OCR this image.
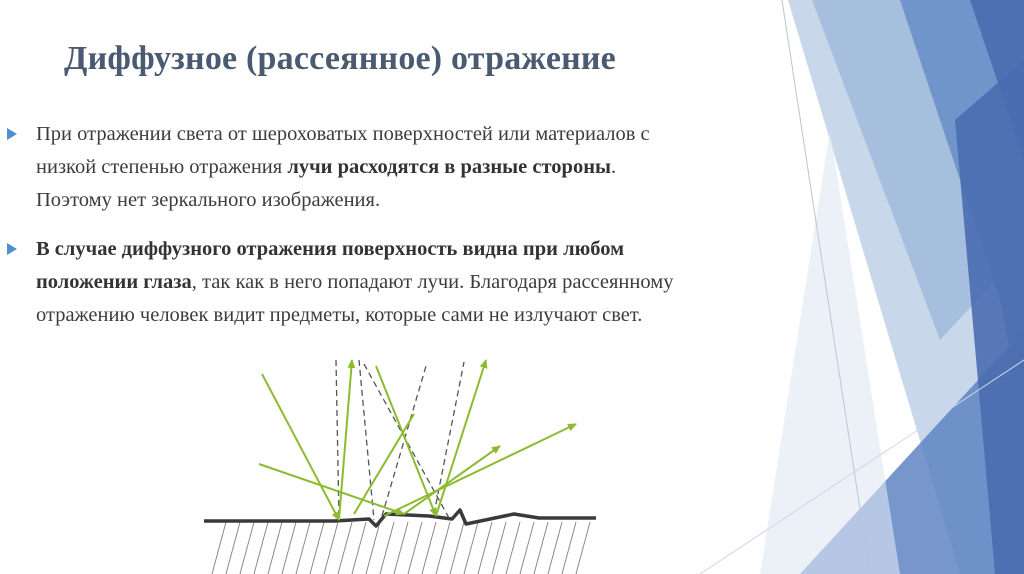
Диффузное (рассеянное) отражение
При отражении света от шероховатых поверхностей или материалов с
низкой степенью отражения лучи расходятся в разные стороны.
Поэтому нет зеркального изображения.
В случае диффузного отражения поверхность видна при любом
положении глаза, так как в него попадают лучи. Благодаря рассеянному
отражению человек видит предметы, которые сами не излучают свет.
